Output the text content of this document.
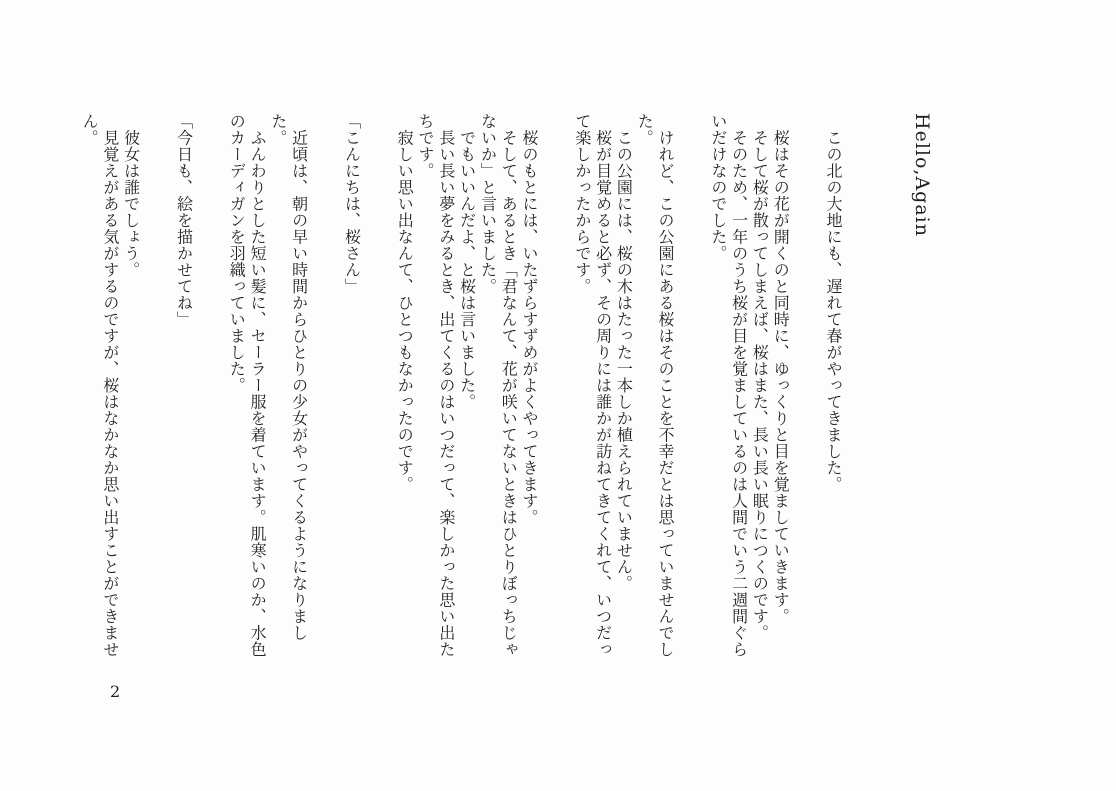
Hello,Again

　この北の大地にも、遅れて春がやってきました。

　桜はその花が開くのと同時に、ゆっくりと目を覚ましていきます。

　そして桜が散ってしまえば、桜はまた、長い長い眠りにつくのです。

　そのため、一年のうち桜が目を覚ましているのは人間でいう二週間ぐらいだけなのでした。

　けれど、この公園にある桜はそのことを不幸だとは思っていませんでした。

　この公園には、桜の木はたった一本しか植えられていません。

　桜が目覚めると必ず、その周りには誰かが訪ねてきてくれて、いつだって楽しかったからです。

　桜のもとには、いたずらすずめがよくやってきます。

　そして、あるとき「君なんて、花が咲いてないときはひとりぼっちじゃないか」と言いました。

　でもいいんだよ、と桜は言いました。

　長い長い夢をみるとき、出てくるのはいつだって、楽しかった思い出たちです。

　寂しい思い出なんて、ひとつもなかったのです。

「こんにちは、桜さん」

　近頃は、朝の早い時間からひとりの少女がやってくるようになりました。

　ふんわりとした短い髪に、セーラー服を着ています。肌寒いのか、水色のカーディガンを羽織っていました。

「今日も、絵を描かせてね」

　彼女は誰でしょう。

　見覚えがある気がするのですが、桜はなかなか思い出すことができません。

2
